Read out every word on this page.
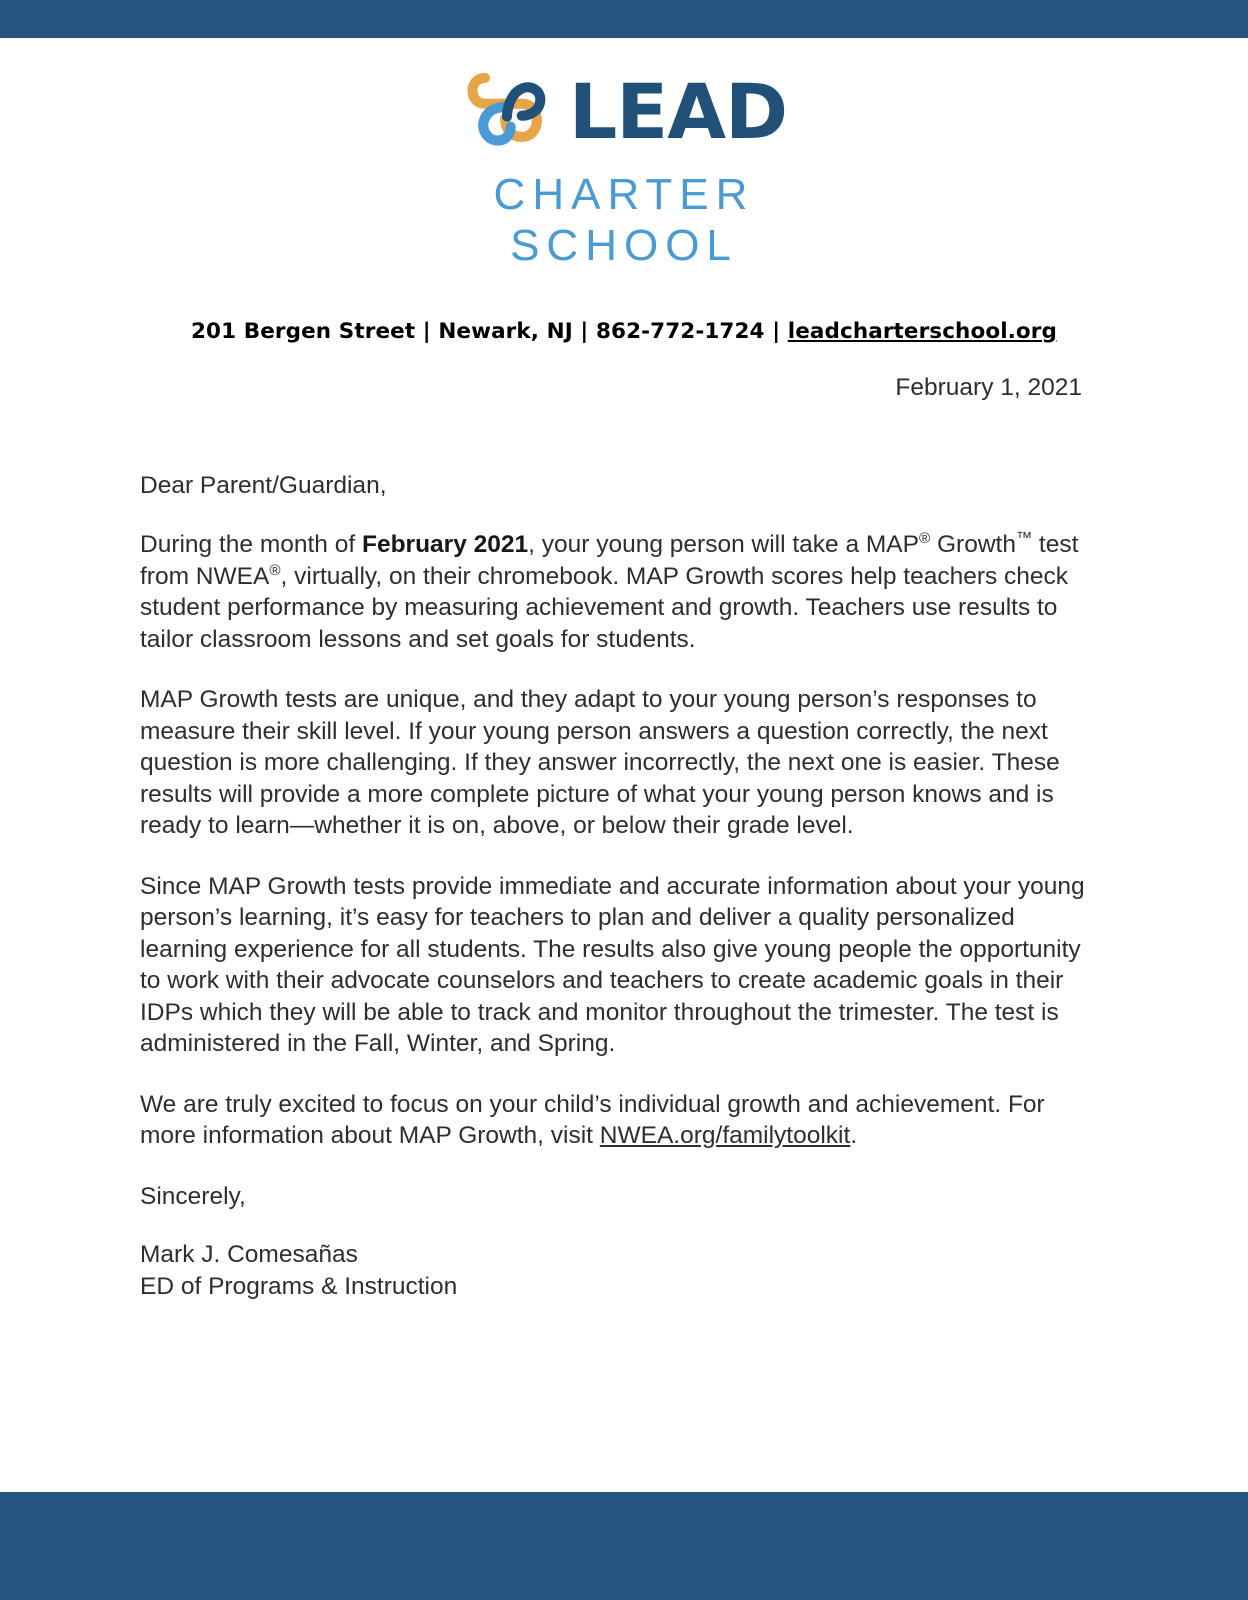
LEAD
CHARTER
SCHOOL
201 Bergen Street | Newark, NJ | 862-772-1724 | leadcharterschool.org
February 1, 2021
Dear Parent/Guardian,

During the month of February 2021, your young person will take a MAP® Growth™ test from NWEA®, virtually, on their chromebook. MAP Growth scores help teachers check student performance by measuring achievement and growth. Teachers use results to tailor classroom lessons and set goals for students.

MAP Growth tests are unique, and they adapt to your young person’s responses to measure their skill level. If your young person answers a question correctly, the next question is more challenging. If they answer incorrectly, the next one is easier. These results will provide a more complete picture of what your young person knows and is ready to learn—whether it is on, above, or below their grade level.

Since MAP Growth tests provide immediate and accurate information about your young person’s learning, it’s easy for teachers to plan and deliver a quality personalized learning experience for all students. The results also give young people the opportunity to work with their advocate counselors and teachers to create academic goals in their IDPs which they will be able to track and monitor throughout the trimester. The test is administered in the Fall, Winter, and Spring.

We are truly excited to focus on your child’s individual growth and achievement. For more information about MAP Growth, visit NWEA.org/familytoolkit.

Sincerely,
Mark J. Comesañas
ED of Programs & Instruction
